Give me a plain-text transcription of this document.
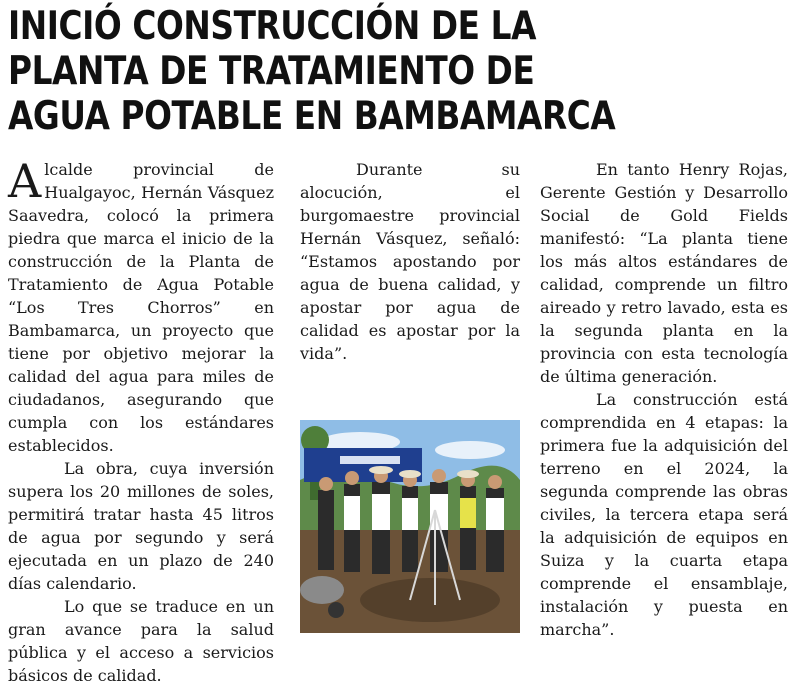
INICIÓ CONSTRUCCIÓN DE LA
PLANTA DE TRATAMIENTO DE
AGUA POTABLE EN BAMBAMARCA

Alcalde provincial de Hualgayoc, Hernán Vásquez Saavedra, colocó la primera piedra que marca el inicio de la construcción de la Planta de Tratamiento de Agua Potable “Los Tres Chorros” en Bambamarca, un proyecto que tiene por objetivo mejorar la calidad del agua para miles de ciudadanos, asegurando que cumpla con los estándares establecidos.

La obra, cuya inversión supera los 20 millones de soles, permitirá tratar hasta 45 litros de agua por segundo y será ejecutada en un plazo de 240 días calendario.

Lo que se traduce en un gran avance para la salud pública y el acceso a servicios básicos de calidad.

Durante su alocución, el burgomaestre provincial Hernán Vásquez, señaló: “Estamos apostando por agua de buena calidad, y apostar por agua de calidad es apostar por la vida”.

En tanto Henry Rojas, Gerente Gestión y Desarrollo Social de Gold Fields manifestó: “La planta tiene los más altos estándares de calidad, comprende un filtro aireado y retro lavado, esta es la segunda planta en la provincia con esta tecnología de última generación.

La construcción está comprendida en 4 etapas: la primera fue la adquisición del terreno en el 2024, la segunda comprende las obras civiles, la tercera etapa será la adquisición de equipos en Suiza y la cuarta etapa comprende el ensamblaje, instalación y puesta en marcha”.
